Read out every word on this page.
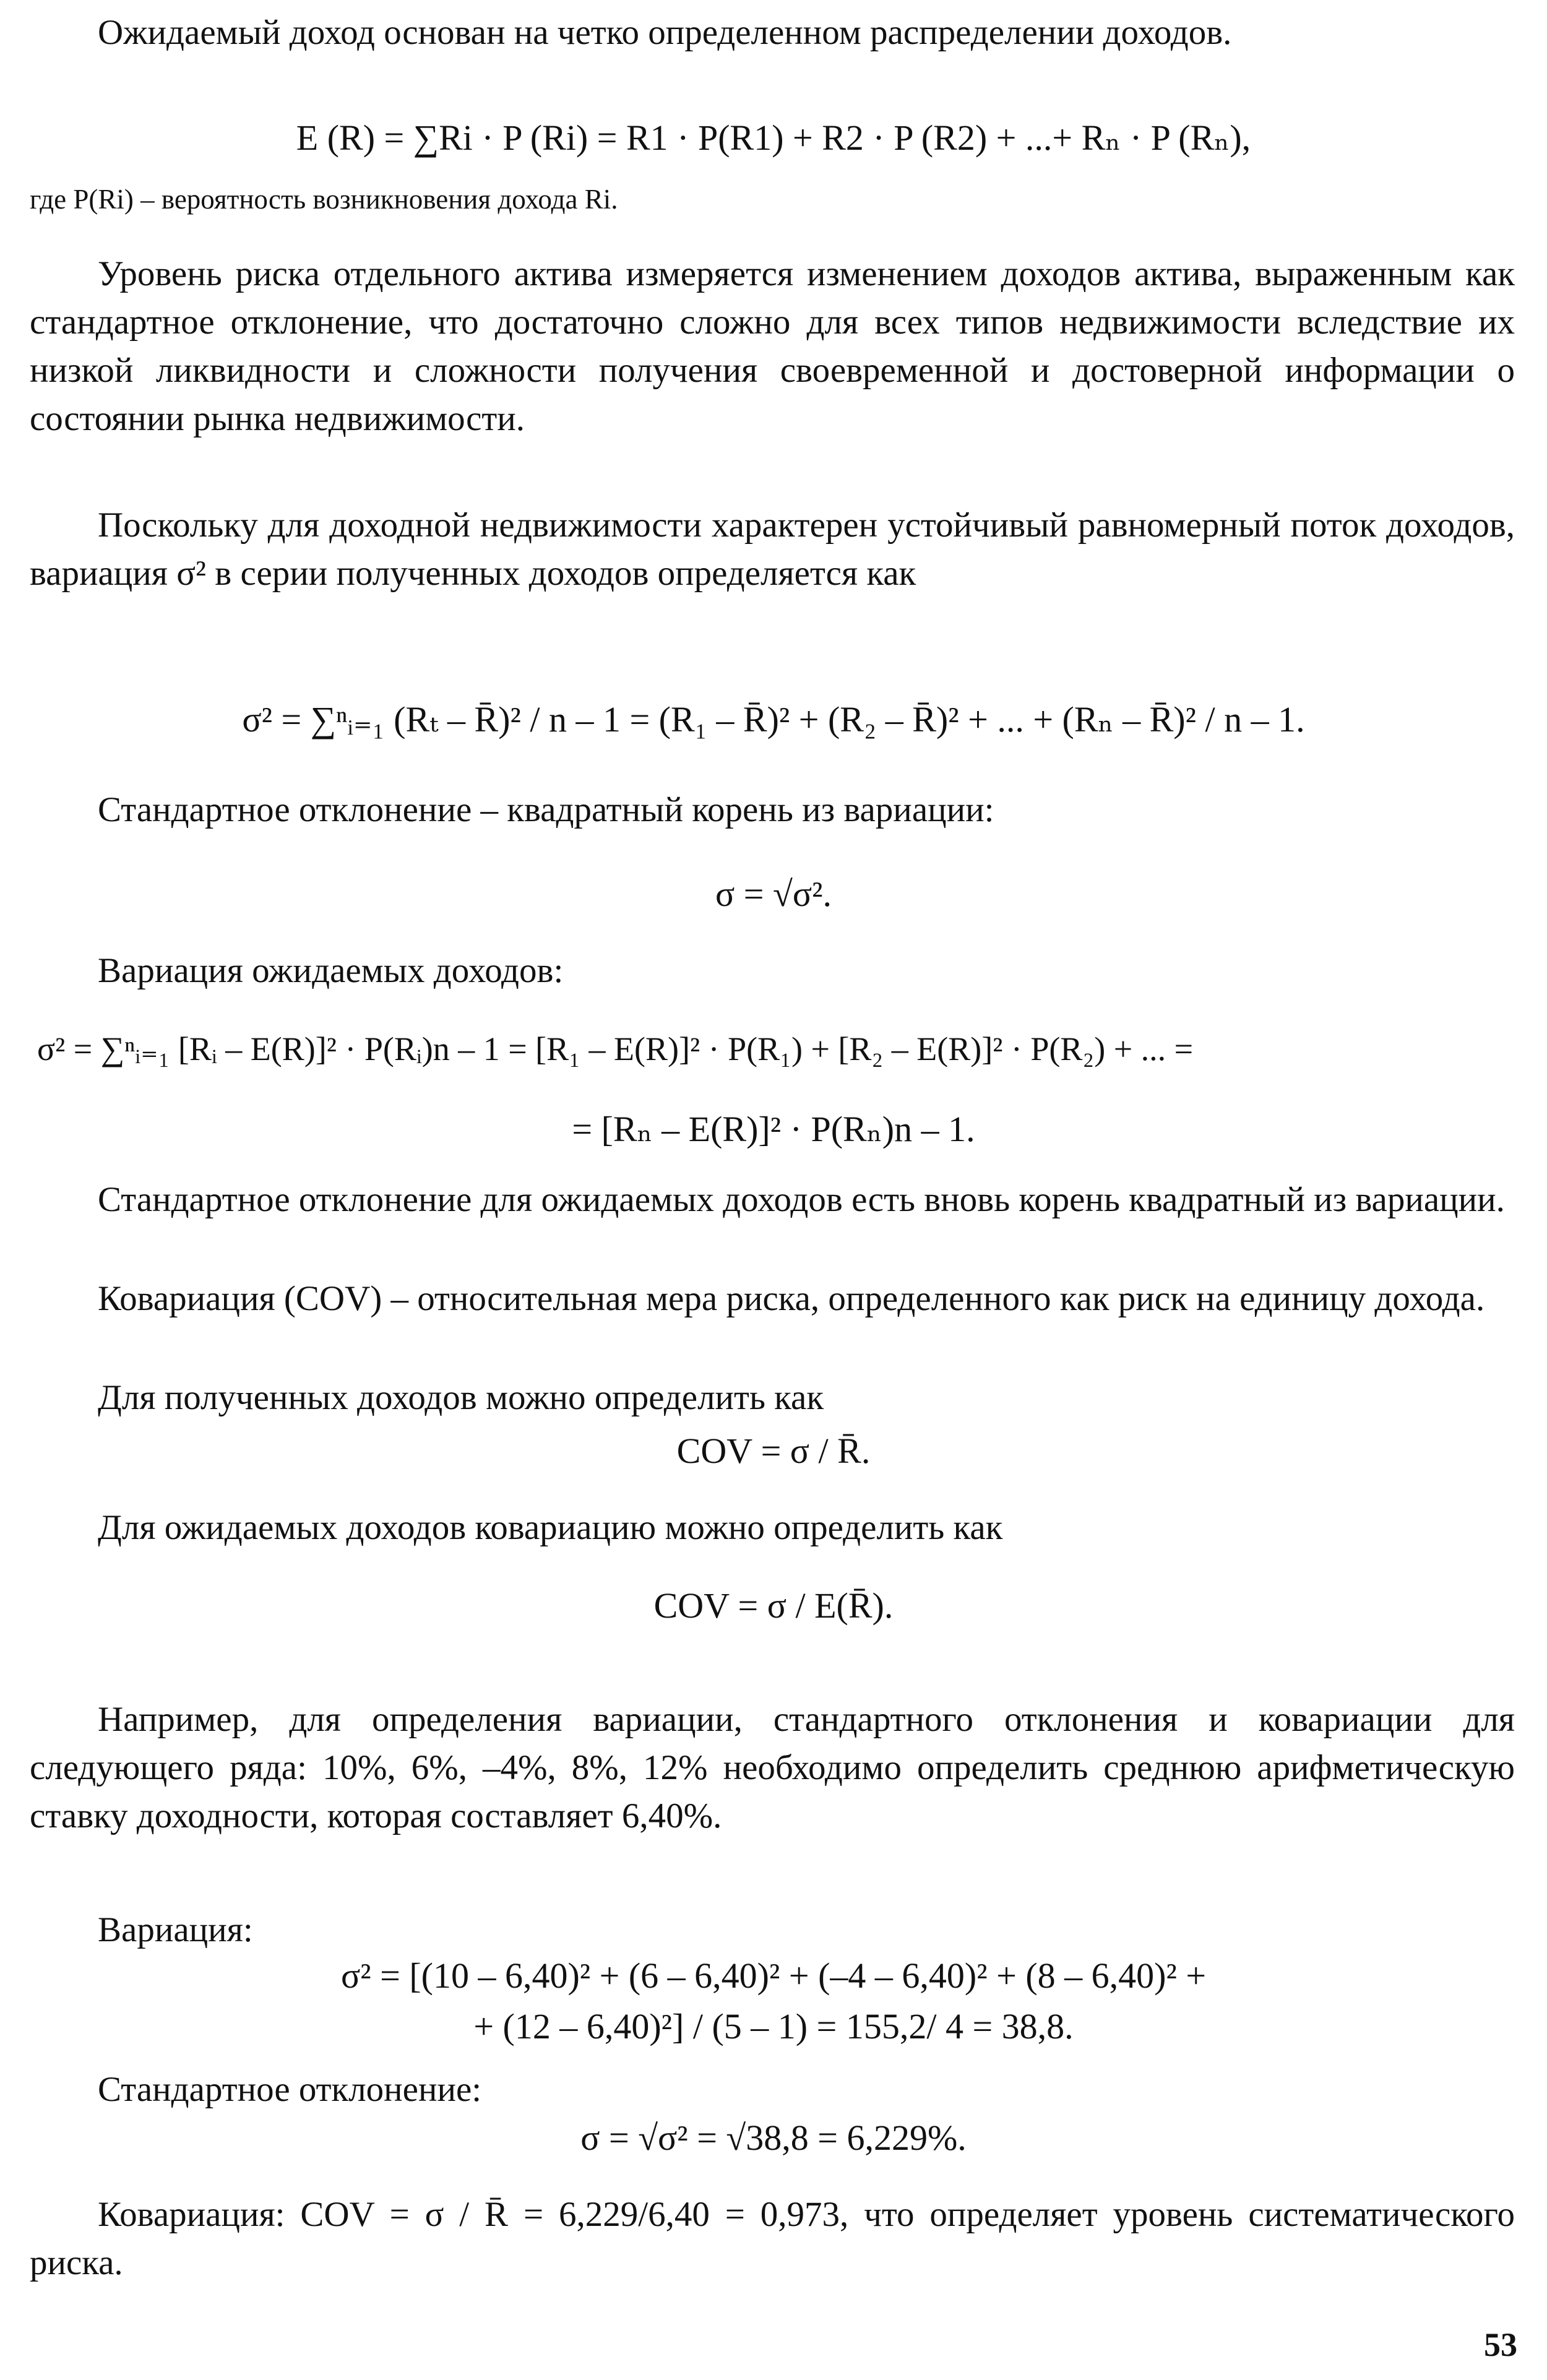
Ожидаемый доход основан на четко определенном распределении доходов.

E (R) = ∑Ri · P (Ri) = R1 · P(R1) + R2 · P (R2) + ...+ Rₙ · P (Rₙ),

где P(Ri) – вероятность возникновения дохода Ri.

Уровень риска отдельного актива измеряется изменением доходов актива, выраженным как стандартное отклонение, что достаточно сложно для всех типов недвижимости вследствие их низкой ликвидности и сложности получения своевременной и достоверной информации о состоянии рынка недвижимости.

Поскольку для доходной недвижимости характерен устойчивый равномерный поток доходов, вариация σ² в серии полученных доходов определяется как

σ² = ∑ⁿᵢ₌₁ (Rₜ – R̄)² / n – 1 = (R₁ – R̄)² + (R₂ – R̄)² + ... + (Rₙ – R̄)² / n – 1.

Стандартное отклонение – квадратный корень из вариации:

σ = √σ².

Вариация ожидаемых доходов:

σ² = ∑ⁿᵢ₌₁ [Rᵢ – E(R)]² · P(Rᵢ)n – 1 = [R₁ – E(R)]² · P(R₁) + [R₂ – E(R)]² · P(R₂) + ... =
= [Rₙ – E(R)]² · P(Rₙ)n – 1.

Стандартное отклонение для ожидаемых доходов есть вновь корень квадратный из вариации.

Ковариация (COV) – относительная мера риска, определенного как риск на единицу дохода.

Для полученных доходов можно определить как

COV = σ / R̄.

Для ожидаемых доходов ковариацию можно определить как

COV = σ / E(R̄).

Например, для определения вариации, стандартного отклонения и ковариации для следующего ряда: 10%, 6%, –4%, 8%, 12% необходимо определить среднюю арифметическую ставку доходности, которая составляет 6,40%.

Вариация:

σ² = [(10 – 6,40)² + (6 – 6,40)² + (–4 – 6,40)² + (8 – 6,40)² +
+ (12 – 6,40)²] / (5 – 1) = 155,2/ 4 = 38,8.

Стандартное отклонение:

σ = √σ² = √38,8 = 6,229%.

Ковариация: COV = σ / R̄ = 6,229/6,40 = 0,973, что определяет уровень систематического риска.

53
